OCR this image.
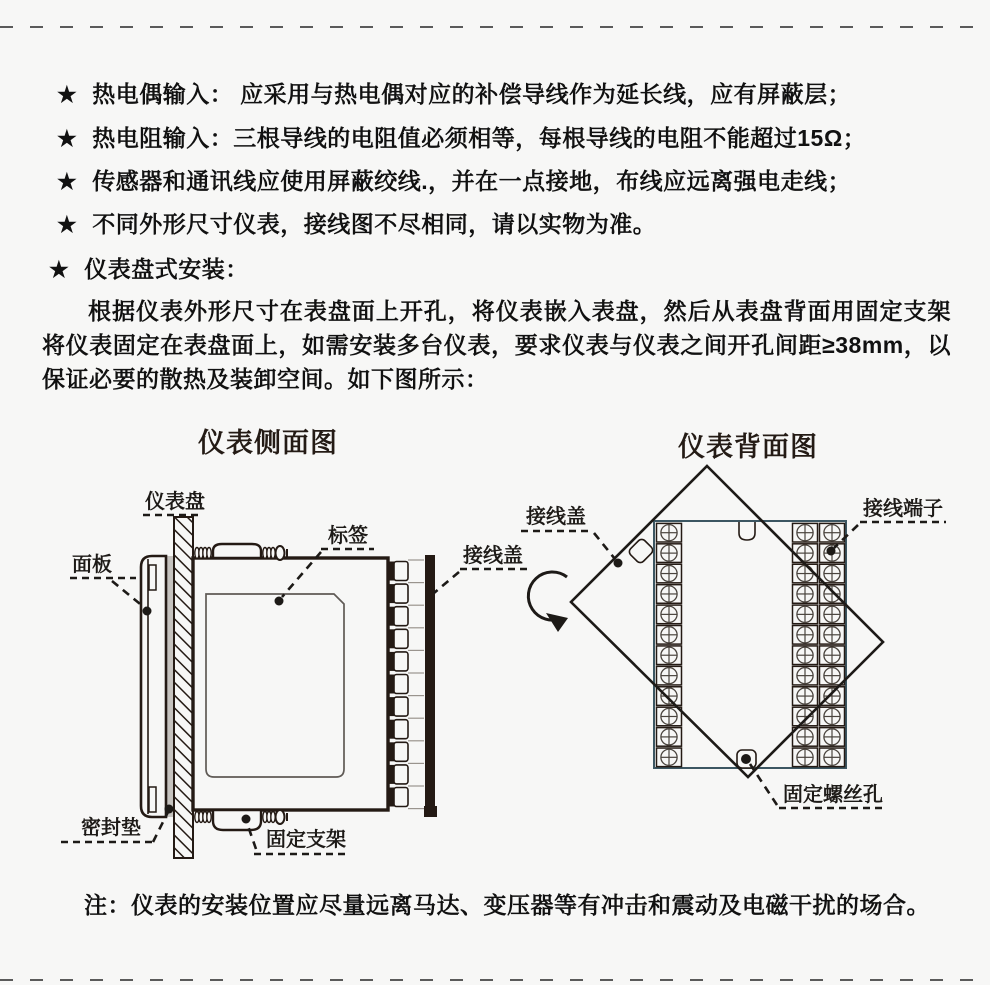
★ 热电偶输入： 应采用与热电偶对应的补偿导线作为延长线，应有屏蔽层；
★ 热电阻输入：三根导线的电阻值必须相等，每根导线的电阻不能超过15Ω；
★ 传感器和通讯线应使用屏蔽绞线.，并在一点接地，布线应远离强电走线；
★ 不同外形尺寸仪表，接线图不尽相同，请以实物为准。
★ 仪表盘式安装：
根据仪表外形尺寸在表盘面上开孔，将仪表嵌入表盘，然后从表盘背面用固定支架将仪表固定在表盘面上，如需安装多台仪表，要求仪表与仪表之间开孔间距≥38mm，以保证必要的散热及装卸空间。如下图所示：
仪表侧面图	仪表背面图
仪表盘
面板
标签
接线盖
密封垫
固定支架
接线盖	接线端子
固定螺丝孔
注：仪表的安装位置应尽量远离马达、变压器等有冲击和震动及电磁干扰的场合。
